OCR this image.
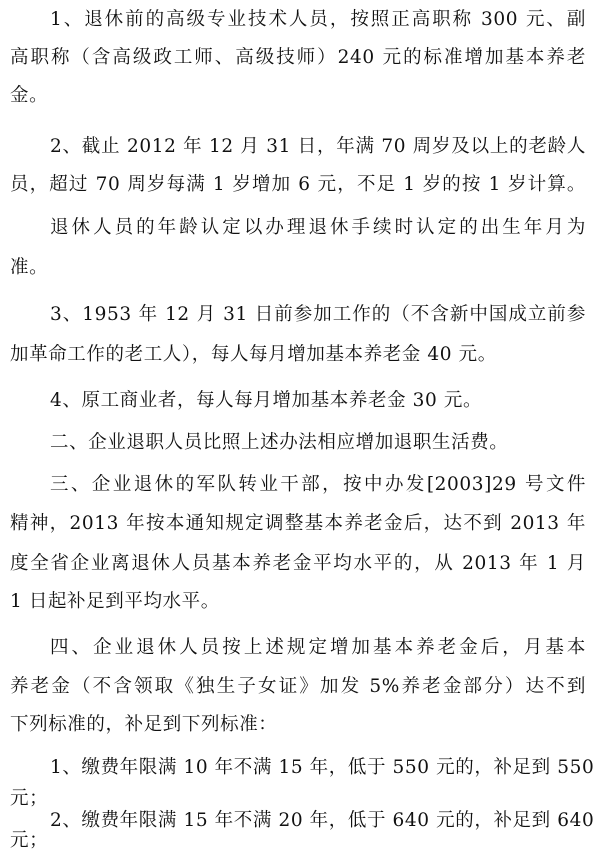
1、退休前的高级专业技术人员，按照正高职称 300 元、副
高职称（含高级政工师、高级技师）240 元的标准增加基本养老
金。
2、截止 2012 年 12 月 31 日，年满 70 周岁及以上的老龄人
员，超过 70 周岁每满 1 岁增加 6 元，不足 1 岁的按 1 岁计算。
退休人员的年龄认定以办理退休手续时认定的出生年月为
准。
3、1953 年 12 月 31 日前参加工作的（不含新中国成立前参
加革命工作的老工人），每人每月增加基本养老金 40 元。
4、原工商业者，每人每月增加基本养老金 30 元。
二、企业退职人员比照上述办法相应增加退职生活费。
三、企业退休的军队转业干部，按中办发[2003]29 号文件
精神，2013 年按本通知规定调整基本养老金后，达不到 2013 年
度全省企业离退休人员基本养老金平均水平的，从 2013 年 1 月
1 日起补足到平均水平。
四、企业退休人员按上述规定增加基本养老金后，月基本
养老金（不含领取《独生子女证》加发 5%养老金部分）达不到
下列标准的，补足到下列标准：
1、缴费年限满 10 年不满 15 年，低于 550 元的，补足到 550
元；
2、缴费年限满 15 年不满 20 年，低于 640 元的，补足到 640
元；
